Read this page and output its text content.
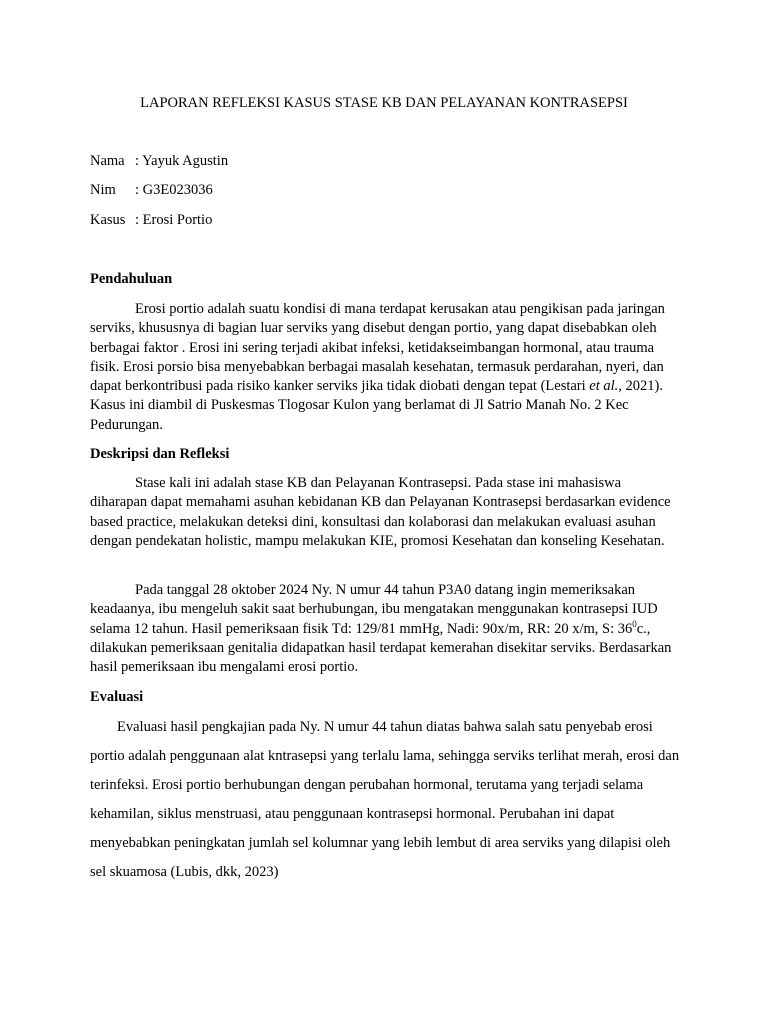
LAPORAN REFLEKSI KASUS STASE KB DAN PELAYANAN KONTRASEPSI
Nama : Yayuk Agustin
Nim : G3E023036
Kasus : Erosi Portio
Pendahuluan

Erosi portio adalah suatu kondisi di mana terdapat kerusakan atau pengikisan pada jaringan serviks, khususnya di bagian luar serviks yang disebut dengan portio, yang dapat disebabkan oleh berbagai faktor . Erosi ini sering terjadi akibat infeksi, ketidakseimbangan hormonal, atau trauma fisik. Erosi porsio bisa menyebabkan berbagai masalah kesehatan, termasuk perdarahan, nyeri, dan dapat berkontribusi pada risiko kanker serviks jika tidak diobati dengan tepat (Lestari et al., 2021). Kasus ini diambil di Puskesmas Tlogosar Kulon yang berlamat di Jl Satrio Manah No. 2 Kec Pedurungan.

Deskripsi dan Refleksi

Stase kali ini adalah stase KB dan Pelayanan Kontrasepsi. Pada stase ini mahasiswa diharapan dapat memahami asuhan kebidanan KB dan Pelayanan Kontrasepsi berdasarkan evidence based practice, melakukan deteksi dini, konsultasi dan kolaborasi dan melakukan evaluasi asuhan dengan pendekatan holistic, mampu melakukan KIE, promosi Kesehatan dan konseling Kesehatan.

Pada tanggal 28 oktober 2024 Ny. N umur 44 tahun P3A0 datang ingin memeriksakan keadaanya, ibu mengeluh sakit saat berhubungan, ibu mengatakan menggunakan kontrasepsi IUD selama 12 tahun. Hasil pemeriksaan fisik Td: 129/81 mmHg, Nadi: 90x/m, RR: 20 x/m, S: $36^0c$., dilakukan pemeriksaan genitalia didapatkan hasil terdapat kemerahan disekitar serviks. Berdasarkan hasil pemeriksaan ibu mengalami erosi portio.

Evaluasi

Evaluasi hasil pengkajian pada Ny. N umur 44 tahun diatas bahwa salah satu penyebab erosi portio adalah penggunaan alat kntrasepsi yang terlalu lama, sehingga serviks terlihat merah, erosi dan terinfeksi. Erosi portio berhubungan dengan perubahan hormonal, terutama yang terjadi selama kehamilan, siklus menstruasi, atau penggunaan kontrasepsi hormonal. Perubahan ini dapat menyebabkan peningkatan jumlah sel kolumnar yang lebih lembut di area serviks yang dilapisi oleh sel skuamosa (Lubis, dkk, 2023)
